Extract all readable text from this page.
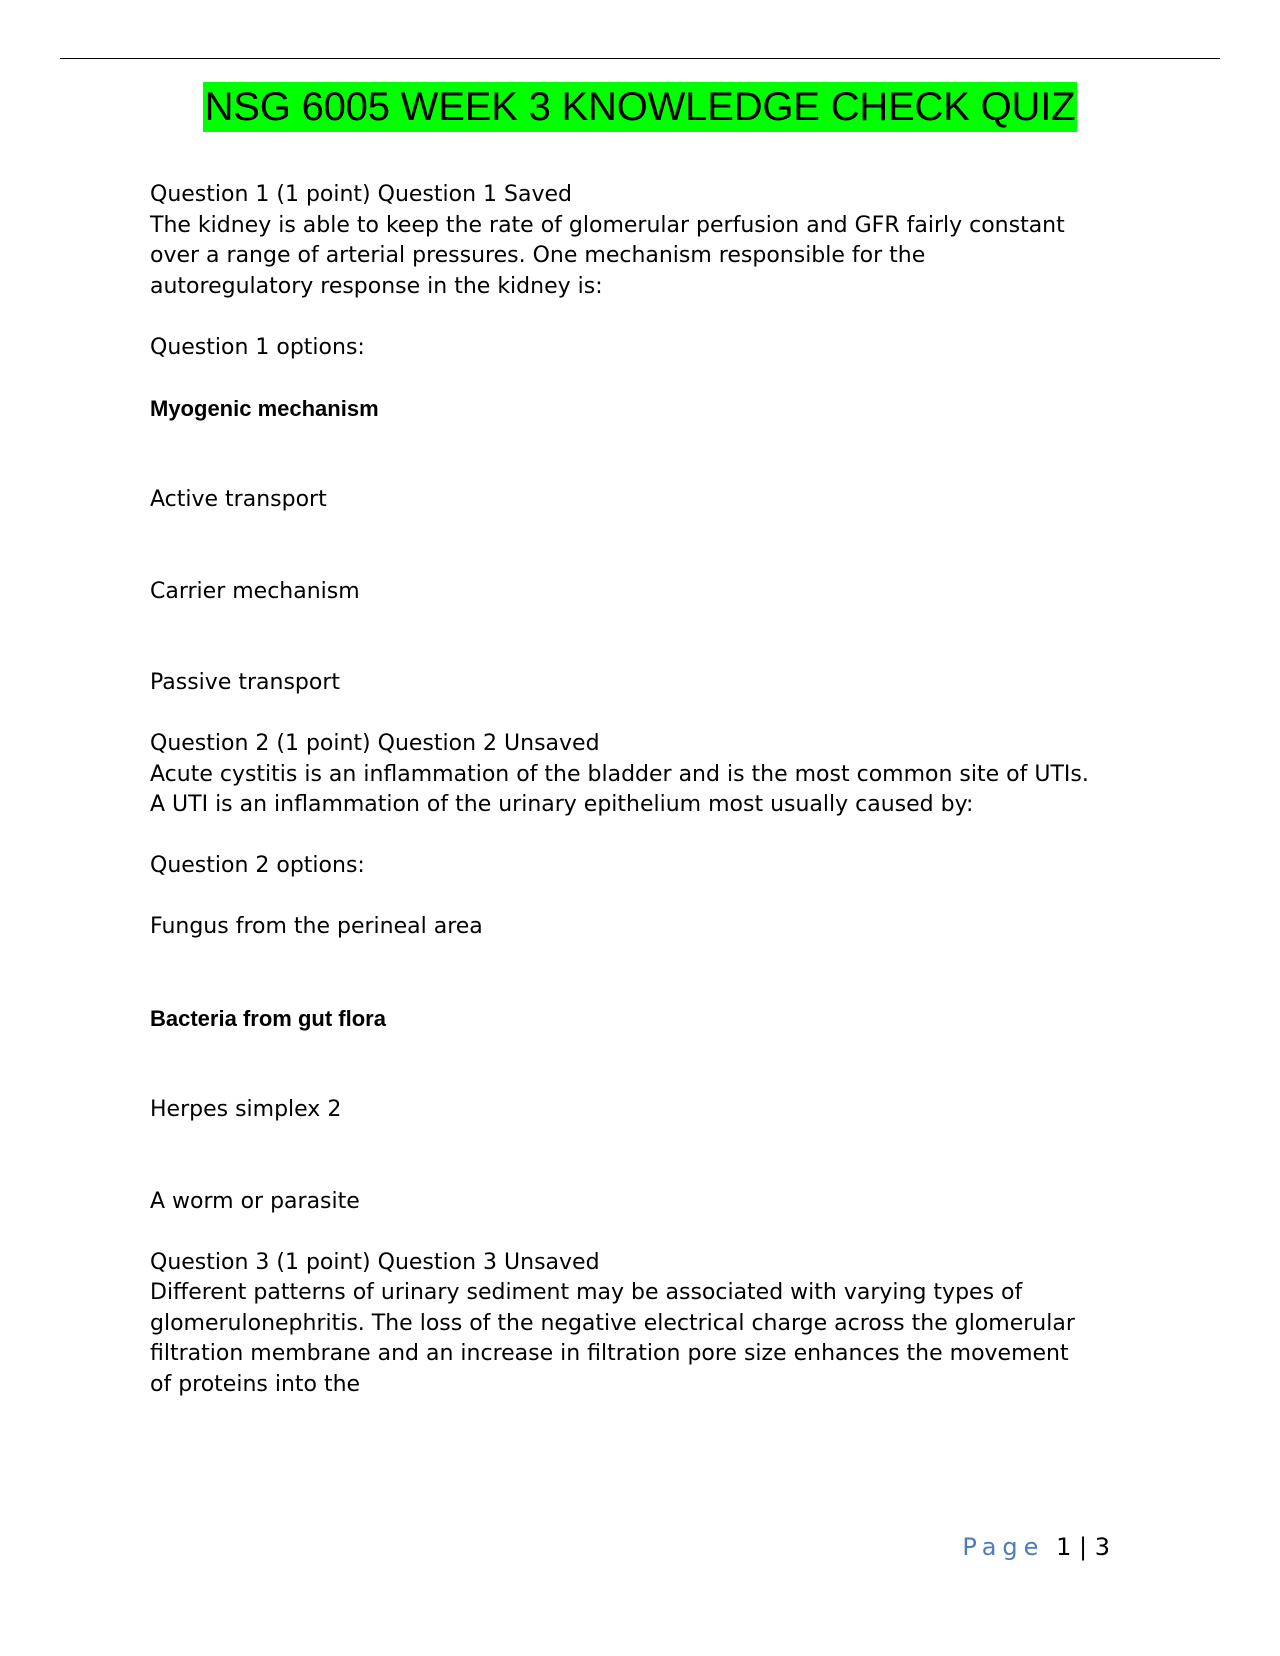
NSG 6005 WEEK 3 KNOWLEDGE CHECK QUIZ

Question 1 (1 point) Question 1 Saved

The kidney is able to keep the rate of glomerular perfusion and GFR fairly constant

over a range of arterial pressures. One mechanism responsible for the

autoregulatory response in the kidney is:

Question 1 options:

Myogenic mechanism

Active transport

Carrier mechanism

Passive transport

Question 2 (1 point) Question 2 Unsaved

Acute cystitis is an inflammation of the bladder and is the most common site of UTIs.

A UTI is an inflammation of the urinary epithelium most usually caused by:

Question 2 options:

Fungus from the perineal area

Bacteria from gut flora

Herpes simplex 2

A worm or parasite

Question 3 (1 point) Question 3 Unsaved

Different patterns of urinary sediment may be associated with varying types of

glomerulonephritis. The loss of the negative electrical charge across the glomerular

filtration membrane and an increase in filtration pore size enhances the movement

of proteins into the

Page 1 | 3
